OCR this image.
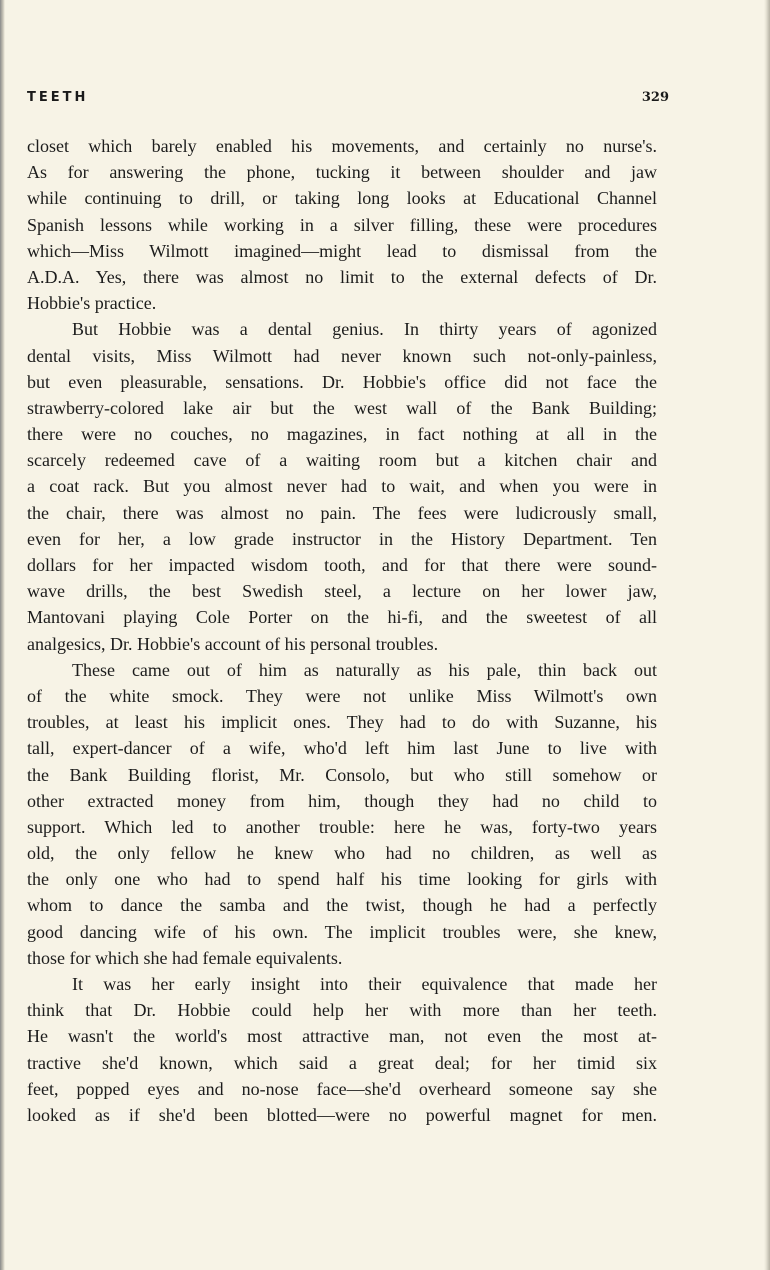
TEETH	329
closet which barely enabled his movements, and certainly no nurse's.
As for answering the phone, tucking it between shoulder and jaw
while continuing to drill, or taking long looks at Educational Channel
Spanish lessons while working in a silver filling, these were procedures
which—Miss Wilmott imagined—might lead to dismissal from the
A.D.A. Yes, there was almost no limit to the external defects of Dr.
Hobbie's practice.
But Hobbie was a dental genius. In thirty years of agonized
dental visits, Miss Wilmott had never known such not-only-painless,
but even pleasurable, sensations. Dr. Hobbie's office did not face the
strawberry-colored lake air but the west wall of the Bank Building;
there were no couches, no magazines, in fact nothing at all in the
scarcely redeemed cave of a waiting room but a kitchen chair and
a coat rack. But you almost never had to wait, and when you were in
the chair, there was almost no pain. The fees were ludicrously small,
even for her, a low grade instructor in the History Department. Ten
dollars for her impacted wisdom tooth, and for that there were sound-
wave drills, the best Swedish steel, a lecture on her lower jaw,
Mantovani playing Cole Porter on the hi-fi, and the sweetest of all
analgesics, Dr. Hobbie's account of his personal troubles.
These came out of him as naturally as his pale, thin back out
of the white smock. They were not unlike Miss Wilmott's own
troubles, at least his implicit ones. They had to do with Suzanne, his
tall, expert-dancer of a wife, who'd left him last June to live with
the Bank Building florist, Mr. Consolo, but who still somehow or
other extracted money from him, though they had no child to
support. Which led to another trouble: here he was, forty-two years
old, the only fellow he knew who had no children, as well as
the only one who had to spend half his time looking for girls with
whom to dance the samba and the twist, though he had a perfectly
good dancing wife of his own. The implicit troubles were, she knew,
those for which she had female equivalents.
It was her early insight into their equivalence that made her
think that Dr. Hobbie could help her with more than her teeth.
He wasn't the world's most attractive man, not even the most at-
tractive she'd known, which said a great deal; for her timid six
feet, popped eyes and no-nose face—she'd overheard someone say she
looked as if she'd been blotted—were no powerful magnet for men.
